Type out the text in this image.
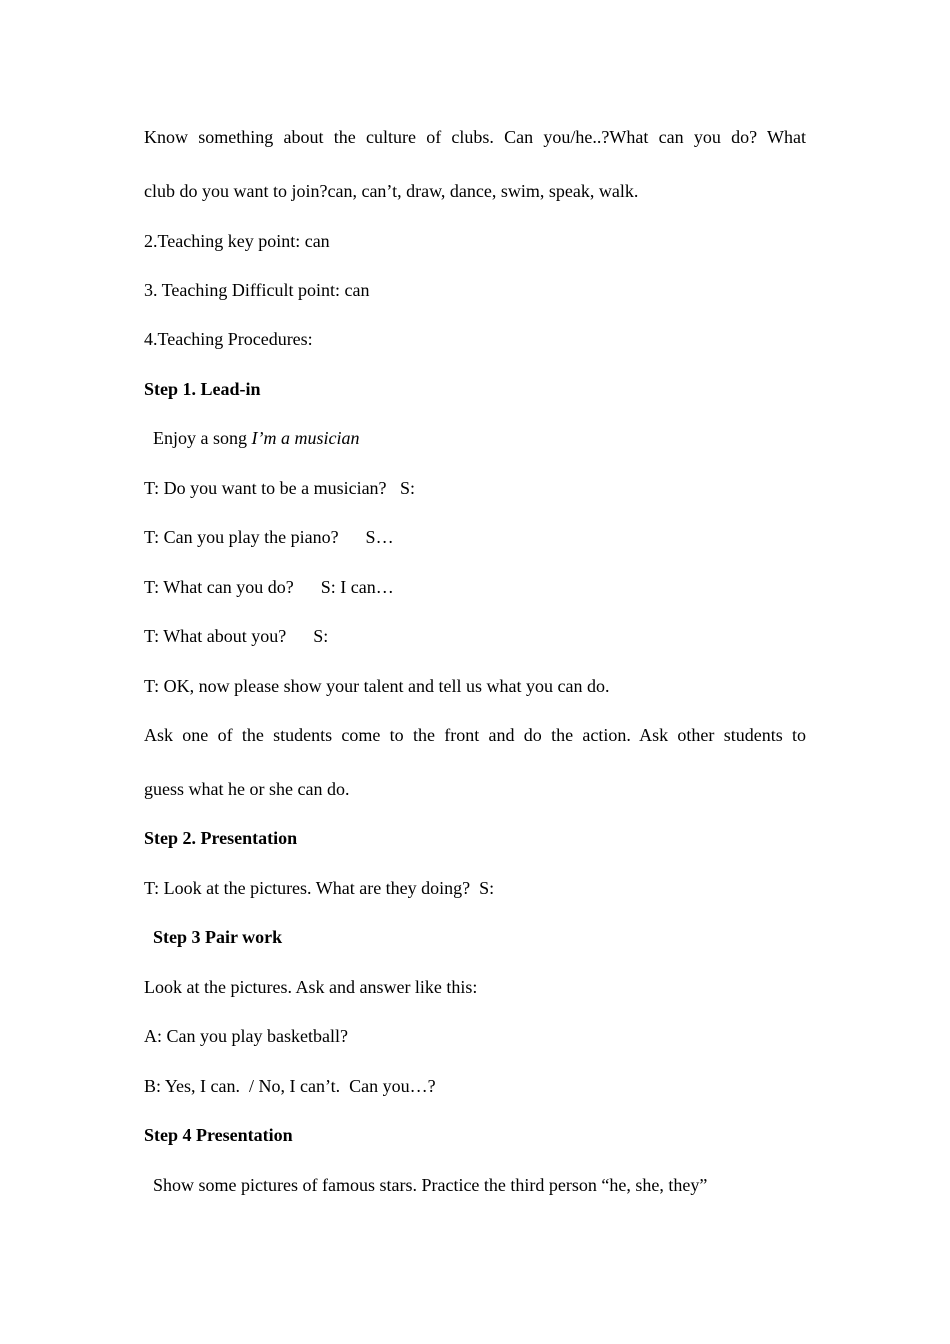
Know something about the culture of clubs. Can you/he..?What can you do? What
club do you want to join?can, can’t, draw, dance, swim, speak, walk.
2.Teaching key point: can
3. Teaching Difficult point: can
4.Teaching Procedures:
Step 1. Lead-in
Enjoy a song I’m a musician
T: Do you want to be a musician?   S:
T: Can you play the piano?      S…
T: What can you do?      S: I can…
T: What about you?      S:
T: OK, now please show your talent and tell us what you can do.
Ask one of the students come to the front and do the action. Ask other students to
guess what he or she can do.
Step 2. Presentation
T: Look at the pictures. What are they doing?  S:
Step 3 Pair work
Look at the pictures. Ask and answer like this:
A: Can you play basketball?
B: Yes, I can.  / No, I can’t.  Can you…?
Step 4 Presentation
Show some pictures of famous stars. Practice the third person “he, she, they”
